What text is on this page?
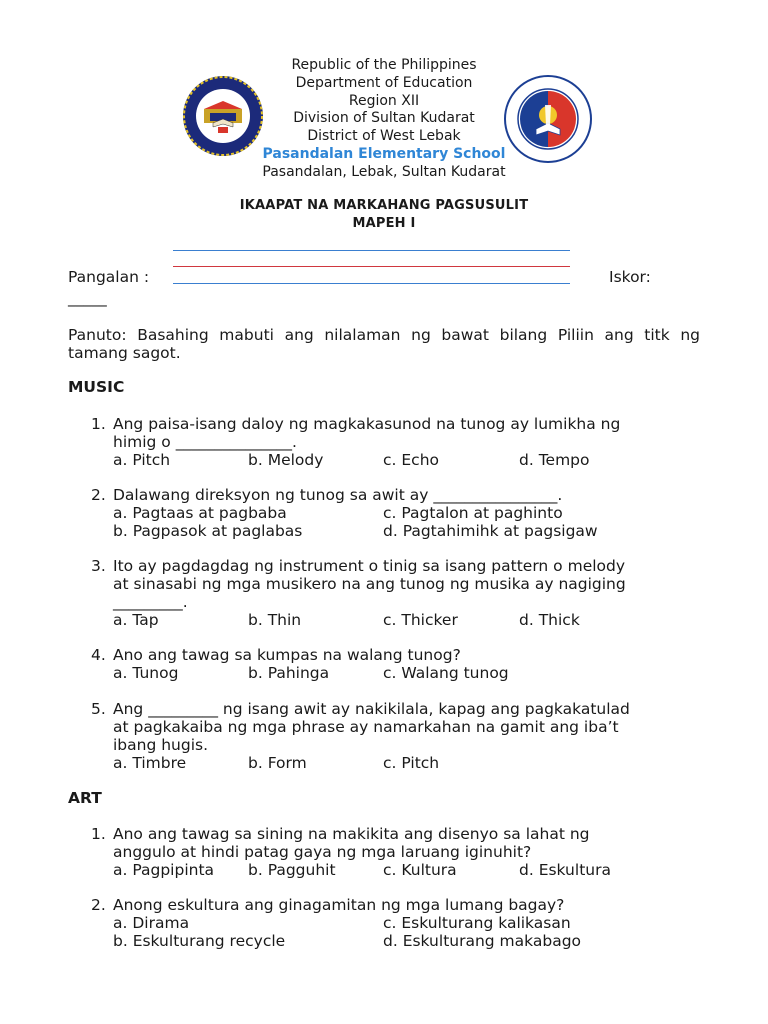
Republic of the Philippines
Department of Education
Region XII
Division of Sultan Kudarat
District of West Lebak
Pasandalan Elementary School
Pasandalan, Lebak, Sultan Kudarat
IKAAPAT NA MARKAHANG PAGSUSULIT
MAPEH I
Pangalan :	Iskor:
_____
Panuto: Basahing mabuti ang nilalaman ng bawat bilang Piliin ang titk ng tamang sagot.
MUSIC
1. Ang paisa-isang daloy ng magkakasunod na tunog ay lumikha ng
himig o _______________.
a. Pitch	b. Melody	c. Echo	d. Tempo
2. Dalawang direksyon ng tunog sa awit ay ________________.
a. Pagtaas at pagbaba	c. Pagtalon at paghinto
b. Pagpasok at paglabas	d. Pagtahimihk at pagsigaw
3. Ito ay pagdagdag ng instrument o tinig sa isang pattern o melody
at sinasabi ng mga musikero na ang tunog ng musika ay nagiging
_________.
a. Tap	b. Thin	c. Thicker	d. Thick
4. Ano ang tawag sa kumpas na walang tunog?
a. Tunog	b. Pahinga	c. Walang tunog
5. Ang _________ ng isang awit ay nakikilala, kapag ang pagkakatulad
at pagkakaiba ng mga phrase ay namarkahan na gamit ang iba’t
ibang hugis.
a. Timbre	b. Form	c. Pitch
ART
1. Ano ang tawag sa sining na makikita ang disenyo sa lahat ng
anggulo at hindi patag gaya ng mga laruang iginuhit?
a. Pagpipinta b. Pagguhit	c. Kultura	d. Eskultura
2. Anong eskultura ang ginagamitan ng mga lumang bagay?
a. Dirama	c. Eskulturang kalikasan
b. Eskulturang recycle	d. Eskulturang makabago
